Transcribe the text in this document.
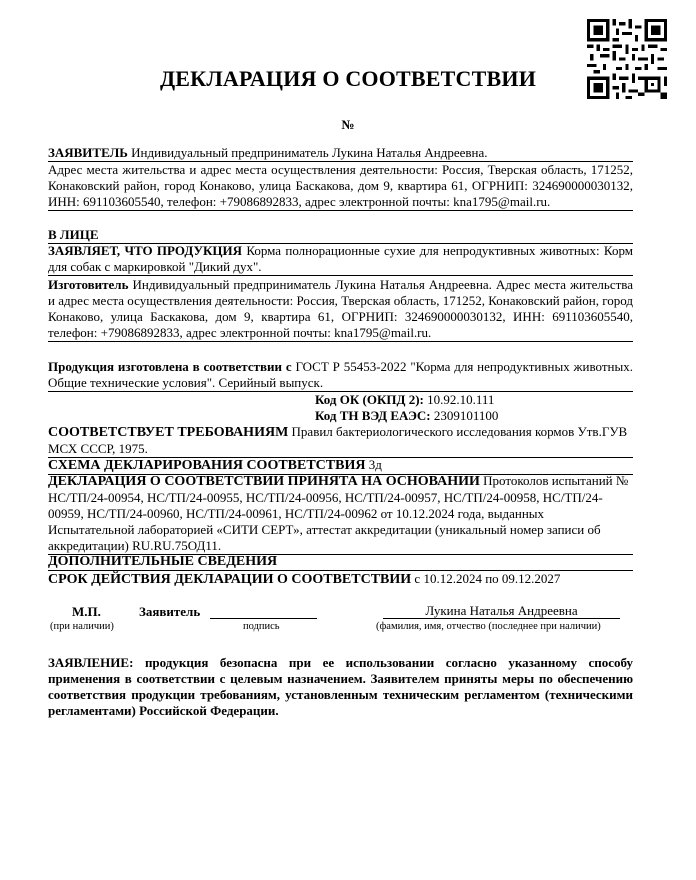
ДЕКЛАРАЦИЯ О СООТВЕТСТВИИ
№
ЗАЯВИТЕЛЬ Индивидуальный предприниматель Лукина Наталья Андреевна.
Адрес места жительства и адрес места осуществления деятельности: Россия, Тверская область, 171252, Конаковский район, город Конаково, улица Баскакова, дом 9, квартира 61, ОГРНИП: 324690000030132, ИНН: 691103605540, телефон: +79086892833, адрес электронной почты: kna1795@mail.ru.
В ЛИЦЕ
ЗАЯВЛЯЕТ, ЧТО ПРОДУКЦИЯ Корма полнорационные сухие для непродуктивных животных: Корм для собак с маркировкой "Дикий дух".
Изготовитель Индивидуальный предприниматель Лукина Наталья Андреевна. Адрес места жительства и адрес места осуществления деятельности: Россия, Тверская область, 171252, Конаковский район, город Конаково, улица Баскакова, дом 9, квартира 61, ОГРНИП: 324690000030132, ИНН: 691103605540, телефон: +79086892833, адрес электронной почты: kna1795@mail.ru.
Продукция изготовлена в соответствии с ГОСТ Р 55453-2022 "Корма для непродуктивных животных. Общие технические условия". Серийный выпуск.
Код ОК (ОКПД 2): 10.92.10.111
Код ТН ВЭД ЕАЭС: 2309101100
СООТВЕТСТВУЕТ ТРЕБОВАНИЯМ Правил бактериологического исследования кормов Утв.ГУВ МСХ СССР, 1975.
СХЕМА ДЕКЛАРИРОВАНИЯ СООТВЕТСТВИЯ 3д
ДЕКЛАРАЦИЯ О СООТВЕТСТВИИ ПРИНЯТА НА ОСНОВАНИИ Протоколов испытаний № НС/ТП/24-00954, НС/ТП/24-00955, НС/ТП/24-00956, НС/ТП/24-00957, НС/ТП/24-00958, НС/ТП/24-00959, НС/ТП/24-00960, НС/ТП/24-00961, НС/ТП/24-00962 от 10.12.2024 года, выданных Испытательной лабораторией «СИТИ СЕРТ», аттестат аккредитации (уникальный номер записи об аккредитации) RU.RU.75ОД11.
ДОПОЛНИТЕЛЬНЫЕ СВЕДЕНИЯ
СРОК ДЕЙСТВИЯ ДЕКЛАРАЦИИ О СООТВЕТСТВИИ с 10.12.2024 по 09.12.2027
М.П.
(при наличии)
Заявитель
подпись
Лукина Наталья Андреевна
(фамилия, имя, отчество (последнее при наличии)
ЗАЯВЛЕНИЕ: продукция безопасна при ее использовании согласно указанному способу применения в соответствии с целевым назначением. Заявителем приняты меры по обеспечению соответствия продукции требованиям, установленным техническим регламентом (техническими регламентами) Российской Федерации.
